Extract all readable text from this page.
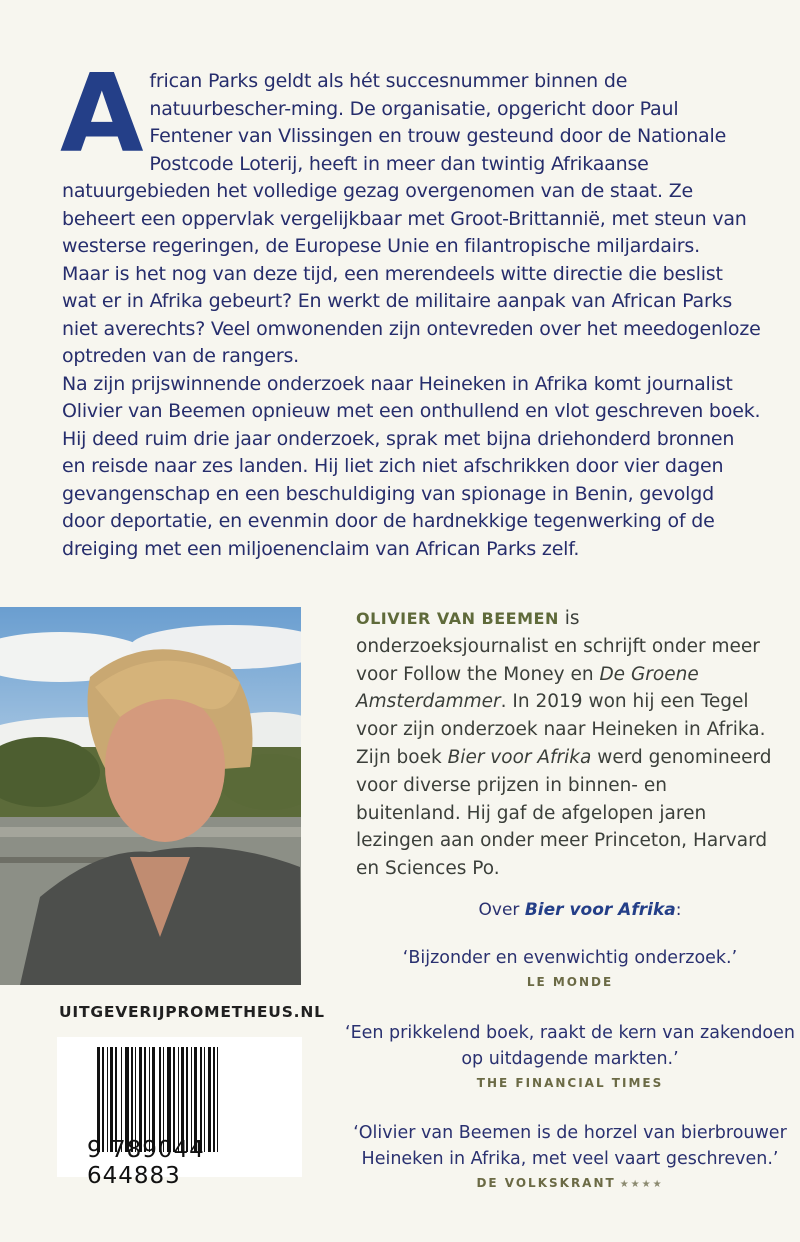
A frican Parks geldt als hét succesnummer binnen de natuurbescher-ming. De organisatie, opgericht door Paul Fentener van Vlissingen en trouw gesteund door de Nationale Postcode Loterij, heeft in meer dan twintig Afrikaanse natuurgebieden het volledige gezag overgenomen van de staat. Ze beheert een oppervlak vergelijkbaar met Groot-Brittannië, met steun van westerse regeringen, de Europese Unie en filantropische miljardairs.

Maar is het nog van deze tijd, een merendeels witte directie die beslist wat er in Afrika gebeurt? En werkt de militaire aanpak van African Parks niet averechts? Veel omwonenden zijn ontevreden over het meedogenloze optreden van de rangers.

Na zijn prijswinnende onderzoek naar Heineken in Afrika komt journalist Olivier van Beemen opnieuw met een onthullend en vlot geschreven boek. Hij deed ruim drie jaar onderzoek, sprak met bijna driehonderd bronnen en reisde naar zes landen. Hij liet zich niet afschrikken door vier dagen gevangenschap en een beschuldiging van spionage in Benin, gevolgd door deportatie, en evenmin door de hardnekkige tegenwerking of de dreiging met een miljoenenclaim van African Parks zelf.

OLIVIER VAN BEEMEN is onderzoeksjournalist en schrijft onder meer voor Follow the Money en De Groene Amsterdammer. In 2019 won hij een Tegel voor zijn onderzoek naar Heineken in Afrika. Zijn boek Bier voor Afrika werd genomineerd voor diverse prijzen in binnen- en buitenland. Hij gaf de afgelopen jaren lezingen aan onder meer Princeton, Harvard en Sciences Po.
Over Bier voor Afrika:
‘Bijzonder en evenwichtig onderzoek.’
LE MONDE
‘Een prikkelend boek, raakt de kern van zakendoen op uitdagende markten.’
THE FINANCIAL TIMES
‘Olivier van Beemen is de horzel van bierbrouwer Heineken in Afrika, met veel vaart geschreven.’
DE VOLKSKRANT ★★★★
UITGEVERIJPROMETHEUS.NL
9 789044 644883
